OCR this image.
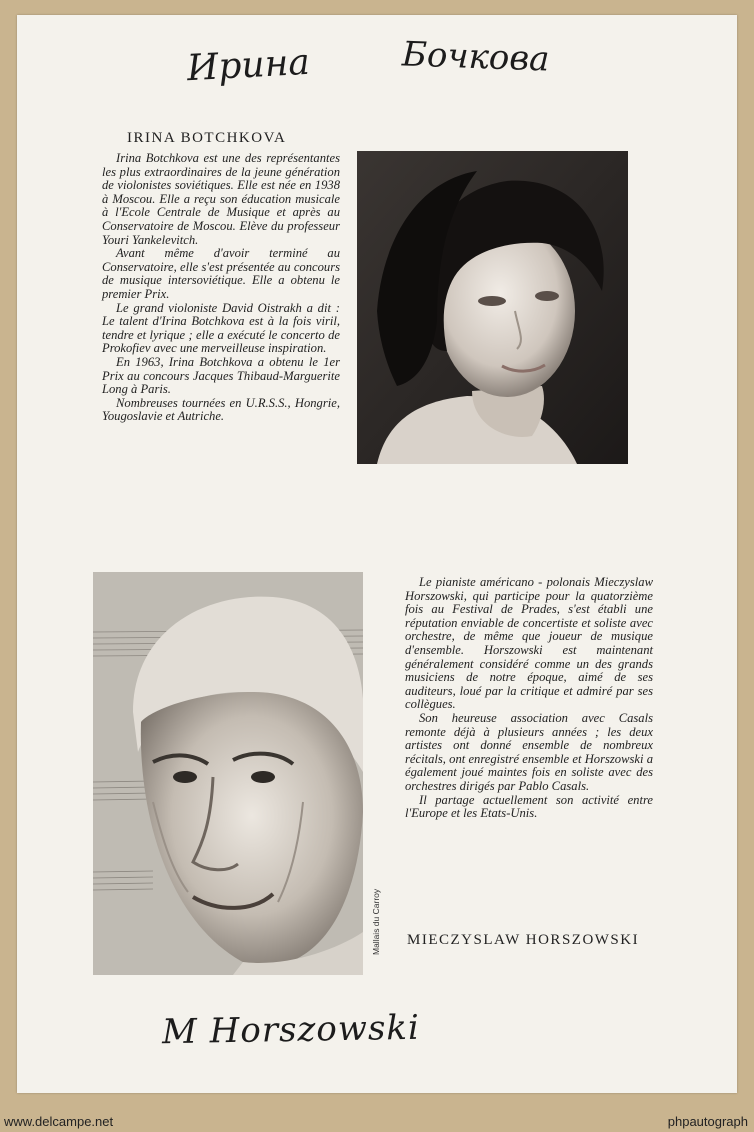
Ирина	Бочкова
IRINA BOTCHKOVA

Irina Botchkova est une des représentantes les plus extraordinaires de la jeune génération de violonistes soviétiques. Elle est née en 1938 à Moscou. Elle a reçu son éducation musicale à l'Ecole Centrale de Musique et après au Conservatoire de Moscou. Elève du professeur Youri Yankelevitch.

Avant même d'avoir terminé au Conservatoire, elle s'est présentée au concours de musique intersoviétique. Elle a obtenu le premier Prix.

Le grand violoniste David Oistrakh a dit : Le talent d'Irina Botchkova est à la fois viril, tendre et lyrique ; elle a exécuté le concerto de Prokofiev avec une merveilleuse inspiration.

En 1963, Irina Botchkova a obtenu le 1er Prix au concours Jacques Thibaud-Marguerite Long à Paris.

Nombreuses tournées en U.R.S.S., Hongrie, Yougoslavie et Autriche.

Mallais du Carroy

Le pianiste américano - polonais Mieczyslaw Horszowski, qui participe pour la quatorzième fois au Festival de Prades, s'est établi une réputation enviable de concertiste et soliste avec orchestre, de même que joueur de musique d'ensemble. Horszowski est maintenant généralement considéré comme un des grands musiciens de notre époque, aimé de ses auditeurs, loué par la critique et admiré par ses collègues.

Son heureuse association avec Casals remonte déjà à plusieurs années ; les deux artistes ont donné ensemble de nombreux récitals, ont enregistré ensemble et Horszowski a également joué maintes fois en soliste avec des orchestres dirigés par Pablo Casals.

Il partage actuellement son activité entre l'Europe et les Etats-Unis.

MIECZYSLAW HORSZOWSKI
M Horszowski
www.delcampe.net	phpautograph
